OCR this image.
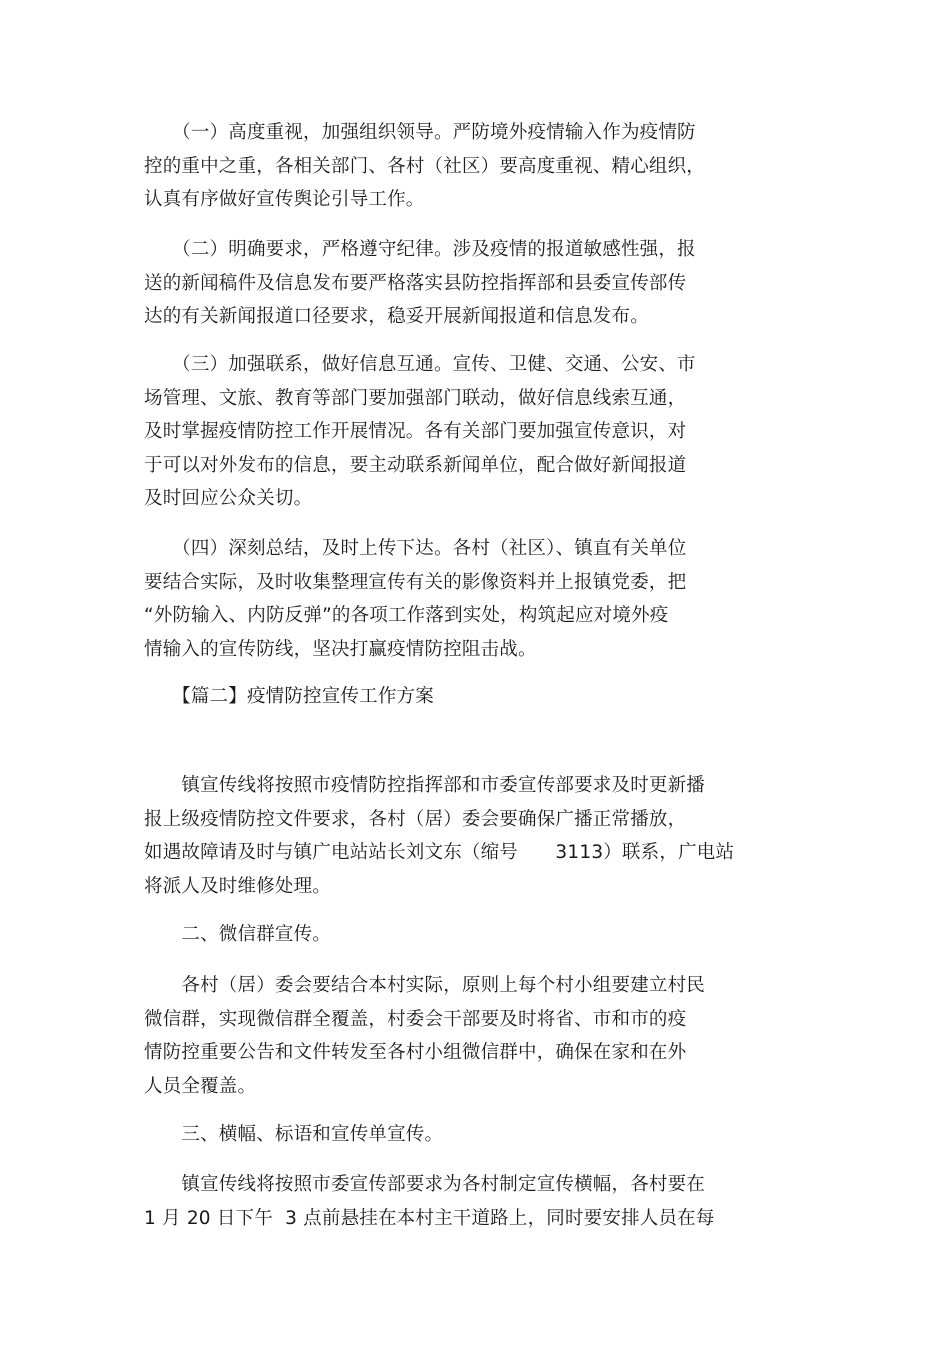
　　（一）高度重视，加强组织领导。严防境外疫情输入作为疫情防
控的重中之重，各相关部门、各村（社区）要高度重视、精心组织，
认真有序做好宣传舆论引导工作。
　　（二）明确要求，严格遵守纪律。涉及疫情的报道敏感性强，报
送的新闻稿件及信息发布要严格落实县防控指挥部和县委宣传部传
达的有关新闻报道口径要求，稳妥开展新闻报道和信息发布。
　　（三）加强联系，做好信息互通。宣传、卫健、交通、公安、市
场管理、文旅、教育等部门要加强部门联动，做好信息线索互通，
及时掌握疫情防控工作开展情况。各有关部门要加强宣传意识，对
于可以对外发布的信息，要主动联系新闻单位，配合做好新闻报道
及时回应公众关切。
　　（四）深刻总结，及时上传下达。各村（社区）、镇直有关单位
要结合实际，及时收集整理宣传有关的影像资料并上报镇党委，把
“外防输入、内防反弹”的各项工作落到实处，构筑起应对境外疫
情输入的宣传防线，坚决打赢疫情防控阻击战。
　　【篇二】疫情防控宣传工作方案
　　镇宣传线将按照市疫情防控指挥部和市委宣传部要求及时更新播
报上级疫情防控文件要求，各村（居）委会要确保广播正常播放，
如遇故障请及时与镇广电站站长刘文东（缩号　　3113）联系，广电站
将派人及时维修处理。
　　二、微信群宣传。
　　各村（居）委会要结合本村实际，原则上每个村小组要建立村民
微信群，实现微信群全覆盖，村委会干部要及时将省、市和市的疫
情防控重要公告和文件转发至各村小组微信群中，确保在家和在外
人员全覆盖。
　　三、横幅、标语和宣传单宣传。
　　镇宣传线将按照市委宣传部要求为各村制定宣传横幅，各村要在
1 月 20 日下午  3 点前悬挂在本村主干道路上，同时要安排人员在每
